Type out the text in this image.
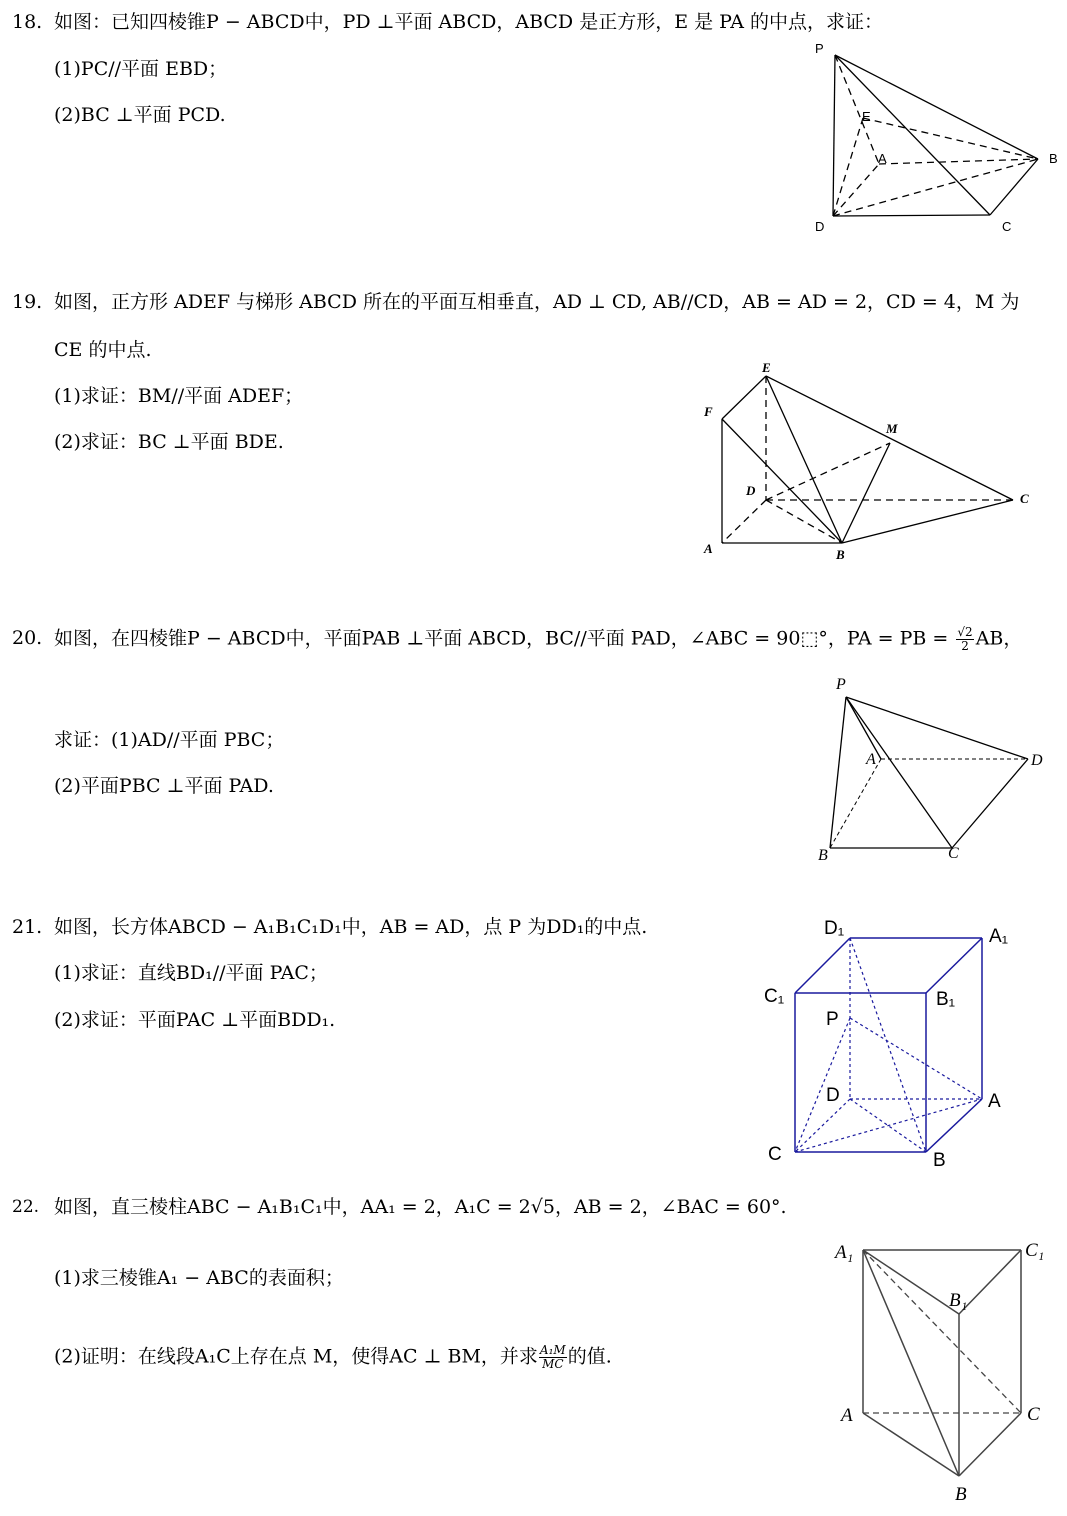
18. 如图：已知四棱锥P − ABCD中，PD ⊥平面 ABCD，ABCD 是正方形，E 是 PA 的中点，求证：
(1)PC//平面 EBD；
(2)BC ⊥平面 PCD.
P
E
A	B
C
D
19. 如图，正方形 ADEF 与梯形 ABCD 所在的平面互相垂直，AD ⊥ CD, AB//CD，AB = AD = 2，CD = 4，M 为
CE 的中点.
(1)求证：BM//平面 ADEF；
(2)求证：BC ⊥平面 BDE.
E
F
M
D
C
A	B
20. 如图，在四棱锥P − ABCD中，平面PAB ⊥平面 ABCD，BC//平面 PAD，∠ABC = 90⬚°，PA = PB = $\frac{√2}{2}$ AB，
求证：(1)AD//平面 PBC；
(2)平面PBC ⊥平面 PAD.
P
A	D
B	C
21. 如图，长方体ABCD − A₁B₁C₁D₁中，AB = AD，点 P 为DD₁的中点.
(1)求证：直线BD₁//平面 PAC；
(2)求证：平面PAC ⊥平面BDD₁.
D₁	A₁
C₁	B₁
P
D	A
C	B
22. 如图，直三棱柱ABC − A₁B₁C₁中，AA₁ = 2，A₁C = 2√5，AB = 2，∠BAC = 60°.
(1)求三棱锥A₁ − ABC的表面积；
(2)证明：在线段A₁C上存在点 M，使得AC ⊥ BM，并求 $\frac{\text{A₁M}}{MC}$ 的值.
A₁	C₁
B₁
A	C
B
